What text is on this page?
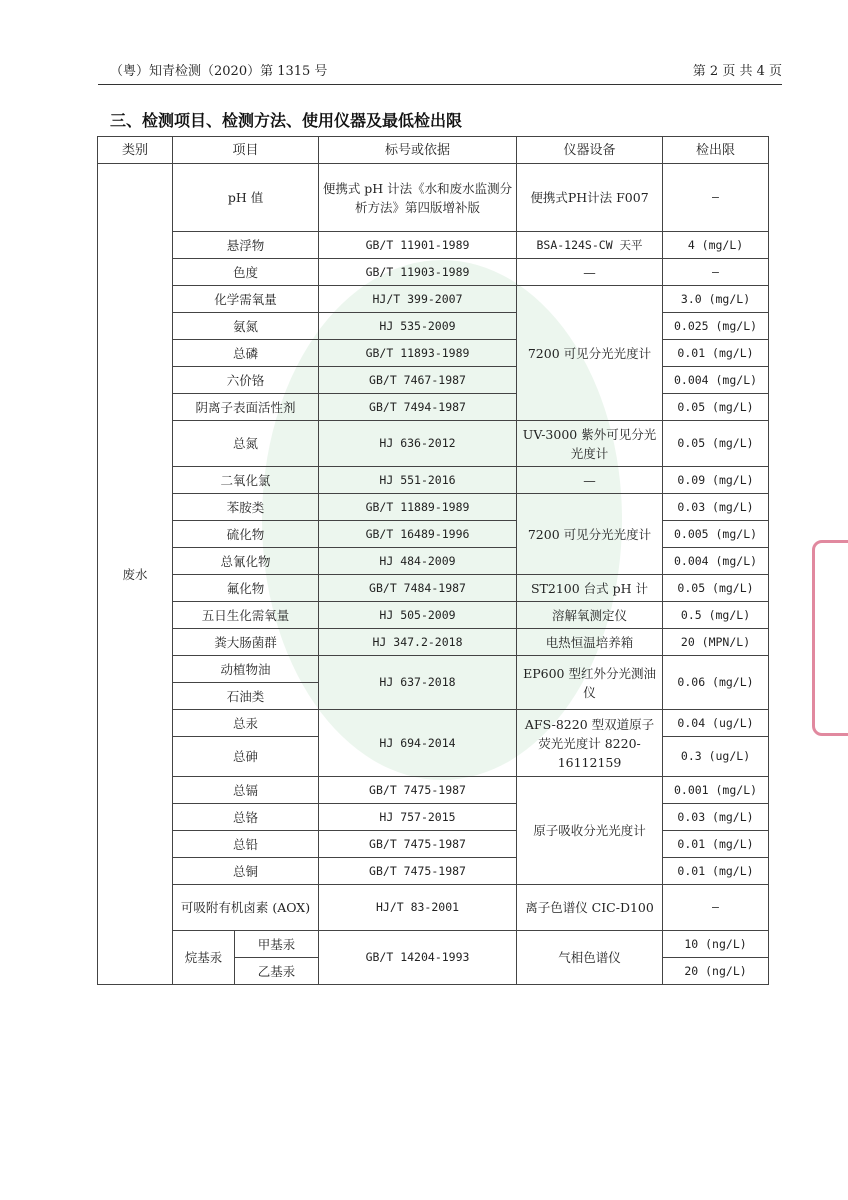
（粤）知青检测（2020）第 1315 号	第 2 页 共 4 页
三、检测项目、检测方法、使用仪器及最低检出限
类别	项目		标号或依据	仪器设备	检出限
废水	pH 值		便携式 pH 计法《水和废水监测分析方法》第四版增补版	便携式PH计法 F007	—
	悬浮物		GB/T 11901-1989	BSA-124S-CW 天平	4 (mg/L)
	色度		GB/T 11903-1989	—	—
	化学需氧量		HJ/T 399-2007	7200 可见分光光度计	3.0 (mg/L)
	氨氮		HJ 535-2009		0.025 (mg/L)
	总磷		GB/T 11893-1989		0.01 (mg/L)
	六价铬		GB/T 7467-1987		0.004 (mg/L)
	阴离子表面活性剂		GB/T 7494-1987		0.05 (mg/L)
	总氮		HJ 636-2012	UV-3000 紫外可见分光光度计	0.05 (mg/L)
	二氧化氯		HJ 551-2016	—	0.09 (mg/L)
	苯胺类		GB/T 11889-1989	7200 可见分光光度计	0.03 (mg/L)
	硫化物		GB/T 16489-1996		0.005 (mg/L)
	总氰化物		HJ 484-2009		0.004 (mg/L)
	氟化物		GB/T 7484-1987	ST2100 台式 pH 计	0.05 (mg/L)
	五日生化需氧量		HJ 505-2009	溶解氧测定仪	0.5 (mg/L)
	粪大肠菌群		HJ 347.2-2018	电热恒温培养箱	20 (MPN/L)
	动植物油		HJ 637-2018	EP600 型红外分光测油仪	0.06 (mg/L)
	石油类				
	总汞		HJ 694-2014	AFS-8220 型双道原子荧光光度计 8220-16112159	0.04 (ug/L)
	总砷				0.3 (ug/L)
	总镉		GB/T 7475-1987	原子吸收分光光度计	0.001 (mg/L)
	总铬		HJ 757-2015		0.03 (mg/L)
	总铅		GB/T 7475-1987		0.01 (mg/L)
	总铜		GB/T 7475-1987		0.01 (mg/L)
	可吸附有机卤素 (AOX)		HJ/T 83-2001	离子色谱仪 CIC-D100	—
	烷基汞	甲基汞	GB/T 14204-1993	气相色谱仪	10 (ng/L)
		乙基汞			20 (ng/L)
